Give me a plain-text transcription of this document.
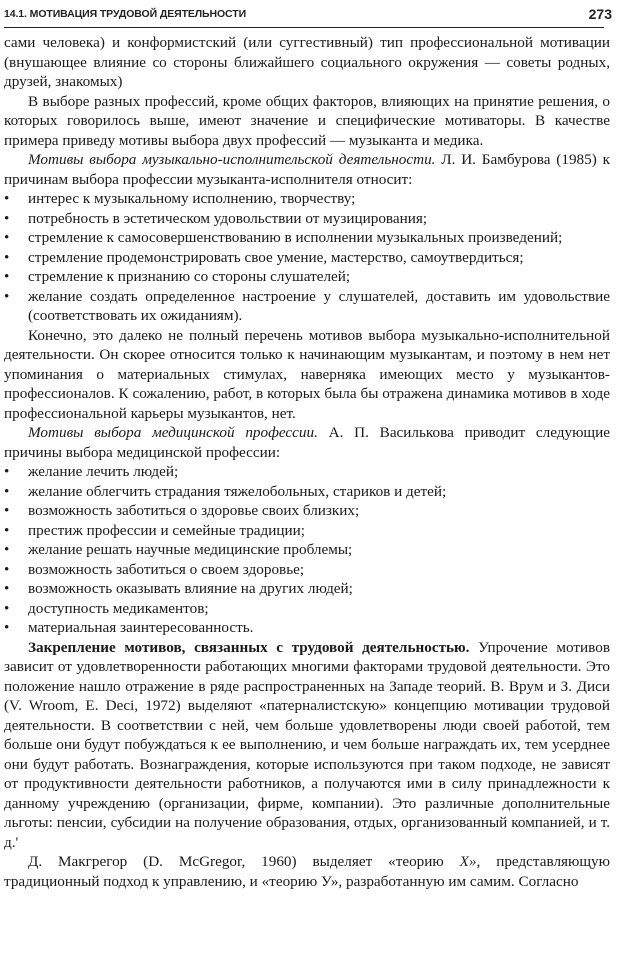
14.1. МОТИВАЦИЯ ТРУДОВОЙ ДЕЯТЕЛЬНОСТИ	273

сами человека) и конформистский (или суггестивный) тип профессиональной мотивации (внушающее влияние со стороны ближайшего социального окружения — советы родных, друзей, знакомых)

В выборе разных профессий, кроме общих факторов, влияющих на принятие решения, о которых говорилось выше, имеют значение и специфические мотиваторы. В качестве примера приведу мотивы выбора двух профессий — музыканта и медика.

Мотивы выбора музыкально-исполнительской деятельности. Л. И. Бамбурова (1985) к причинам выбора профессии музыканта-исполнителя относит:

•	интерес к музыкальному исполнению, творчеству;
•	потребность в эстетическом удовольствии от музицирования;
•	стремление к самосовершенствованию в исполнении музыкальных произведений;
•	стремление продемонстрировать свое умение, мастерство, самоутвердиться;
•	стремление к признанию со стороны слушателей;
•	желание создать определенное настроение у слушателей, доставить им удовольствие (соответствовать их ожиданиям).

Конечно, это далеко не полный перечень мотивов выбора музыкально-исполнительной деятельности. Он скорее относится только к начинающим музыкантам, и поэтому в нем нет упоминания о материальных стимулах, наверняка имеющих место у музыкантов-профессионалов. К сожалению, работ, в которых была бы отражена динамика мотивов в ходе профессиональной карьеры музыкантов, нет.

Мотивы выбора медицинской профессии. А. П. Василькова приводит следующие причины выбора медицинской профессии:

•	желание лечить людей;
•	желание облегчить страдания тяжелобольных, стариков и детей;
•	возможность заботиться о здоровье своих близких;
•	престиж профессии и семейные традиции;
•	желание решать научные медицинские проблемы;
•	возможность заботиться о своем здоровье;
•	возможность оказывать влияние на других людей;
•	доступность медикаментов;
•	материальная заинтересованность.

Закрепление мотивов, связанных с трудовой деятельностью. Упрочение мотивов зависит от удовлетворенности работающих многими факторами трудовой деятельности. Это положение нашло отражение в ряде распространенных на Западе теорий. В. Врум и З. Диси (V. Wroom, E. Deci, 1972) выделяют «патерналистскую» концепцию мотивации трудовой деятельности. В соответствии с ней, чем больше удовлетворены люди своей работой, тем больше они будут побуждаться к ее выполнению, и чем больше награждать их, тем усерднее они будут работать. Вознаграждения, которые используются при таком подходе, не зависят от продуктивности деятельности работников, а получаются ими в силу принадлежности к данному учреждению (организации, фирме, компании). Это различные дополнительные льготы: пенсии, субсидии на получение образования, отдых, организованный компанией, и т. д.'

Д. Макгрегор (D. McGregor, 1960) выделяет «теорию X», представляющую традиционный подход к управлению, и «теорию У», разработанную им самим. Согласно
